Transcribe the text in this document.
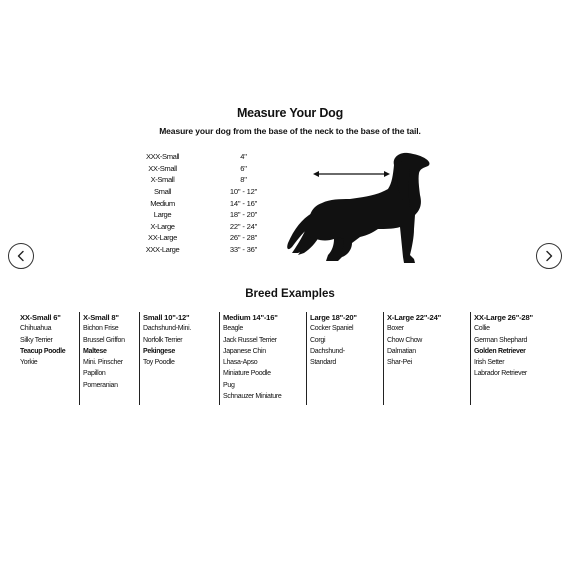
Measure Your Dog
Measure your dog from the base of the neck to the base of the tail.
XXX-Small	4"
XX-Small	6"
X-Small	8"
Small	10" - 12"
Medium	14" - 16"
Large	18" - 20"
X-Large	22" - 24"
XX-Large	26" - 28"
XXX-Large	33" - 36"
Breed Examples
XX-Small 6"
Chihuahua
Silky Terrier
Teacup Poodle
Yorkie
X-Small 8"
Bichon Frise
Brussel Griffon
Maltese
Mini. Pinscher
Papillon
Pomeranian
Small 10"-12"
Dachshund-Mini.
Norfolk Terrier
Pekingese
Toy Poodle
Medium 14"-16"
Beagle
Jack Russel Terrier
Japanese Chin
Lhasa-Apso
Miniature Poodle
Pug
Schnauzer Miniature
Large 18"-20"
Cocker Spaniel
Corgi
Dachshund-
Standard
X-Large 22"-24"
Boxer
Chow Chow
Dalmatian
Shar-Pei
XX-Large 26"-28"
Collie
German Shephard
Golden Retriever
Irish Setter
Labrador Retriever
